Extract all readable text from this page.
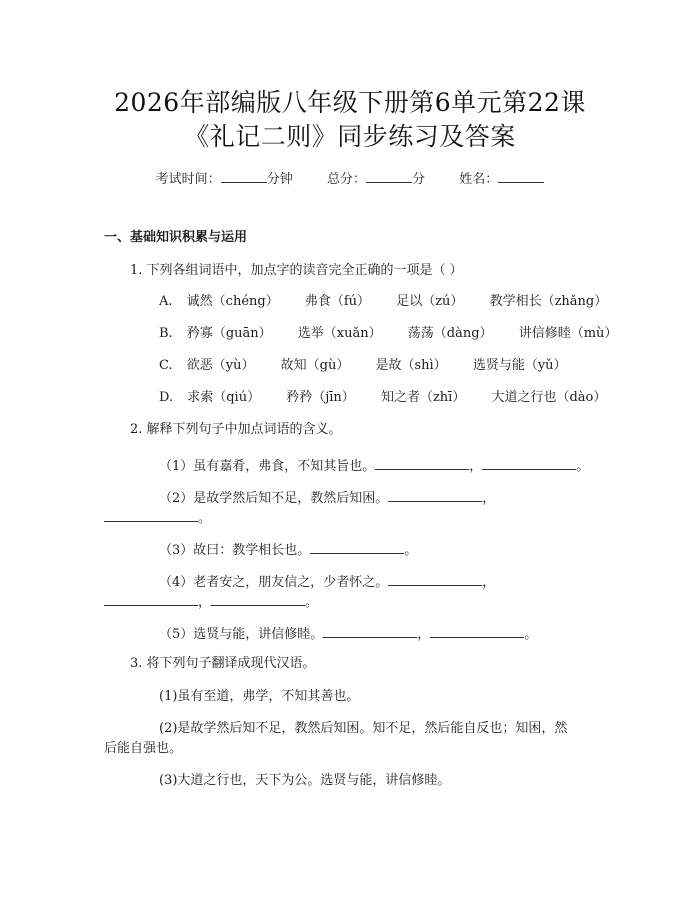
2026年部编版八年级下册第6单元第22课
《礼记二则》同步练习及答案
考试时间：	分钟	总分：	分	姓名：
一、基础知识积累与运用
1. 下列各组词语中，加点字的读音完全正确的一项是（ ）
A. 诚然（chéng） 弗食（fú） 足以（zú） 教学相长（zhǎng）
B. 矜寡（guān） 选举（xuǎn） 荡荡（dàng） 讲信修睦（mù）
C. 欲恶（yù） 故知（gù） 是故（shì） 选贤与能（yǔ）
D. 求索（qiú） 矜矜（jīn） 知之者（zhī） 大道之行也（dào）
2. 解释下列句子中加点词语的含义。
（1）虽有嘉肴，弗食，不知其旨也。	，	。
（2）是故学然后知不足，教然后知困。	，
。
（3）故曰：教学相长也。	。
（4）老者安之，朋友信之，少者怀之。	，
，	。
（5）选贤与能，讲信修睦。	，	。
3. 将下列句子翻译成现代汉语。
(1)虽有至道，弗学，不知其善也。
(2)是故学然后知不足，教然后知困。知不足，然后能自反也；知困，然
后能自强也。
(3)大道之行也，天下为公。选贤与能，讲信修睦。
